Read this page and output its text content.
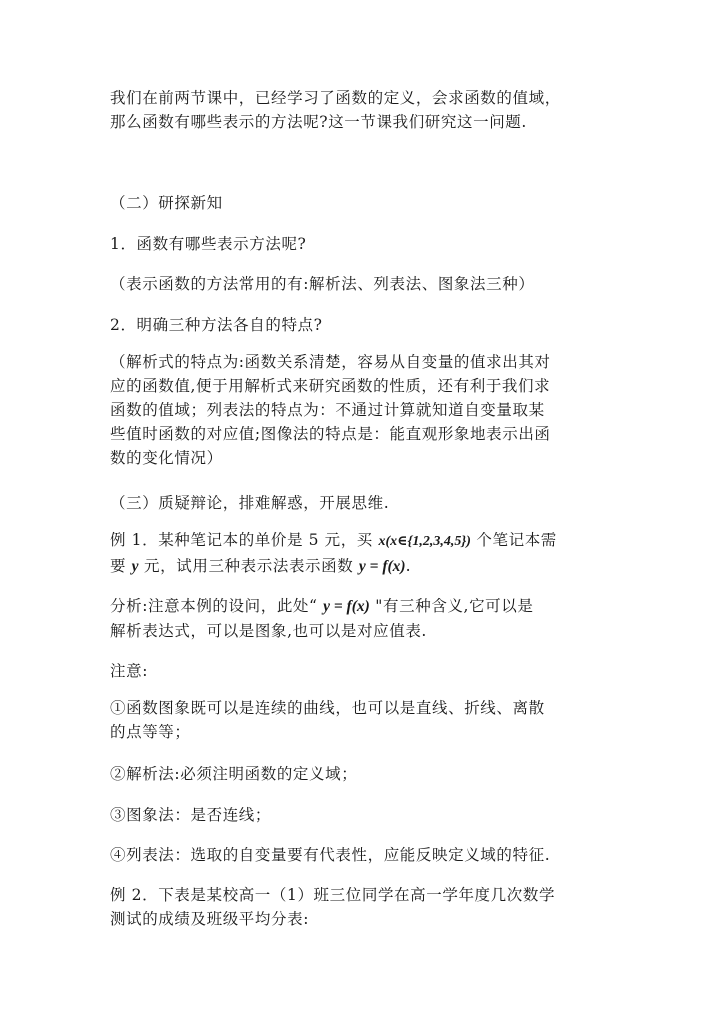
我们在前两节课中，已经学习了函数的定义，会求函数的值域，
那么函数有哪些表示的方法呢?这一节课我们研究这一问题.
（二）研探新知
1．函数有哪些表示方法呢?
（表示函数的方法常用的有:解析法、列表法、图象法三种）
2．明确三种方法各自的特点?
（解析式的特点为:函数关系清楚，容易从自变量的值求出其对
应的函数值,便于用解析式来研究函数的性质，还有利于我们求
函数的值域；列表法的特点为：不通过计算就知道自变量取某
些值时函数的对应值;图像法的特点是：能直观形象地表示出函
数的变化情况）
（三）质疑辩论，排难解惑，开展思维.
例 1．某种笔记本的单价是 5 元，买 x(x∈{1,2,3,4,5}) 个笔记本需
要 y 元，试用三种表示法表示函数 y = f(x).
分析:注意本例的设问，此处“ y = f(x) "有三种含义,它可以是
解析表达式，可以是图象,也可以是对应值表.
注意:
①函数图象既可以是连续的曲线，也可以是直线、折线、离散
的点等等；
②解析法:必须注明函数的定义域；
③图象法：是否连线；
④列表法：选取的自变量要有代表性，应能反映定义域的特征.
例 2．下表是某校高一（1）班三位同学在高一学年度几次数学
测试的成绩及班级平均分表:
